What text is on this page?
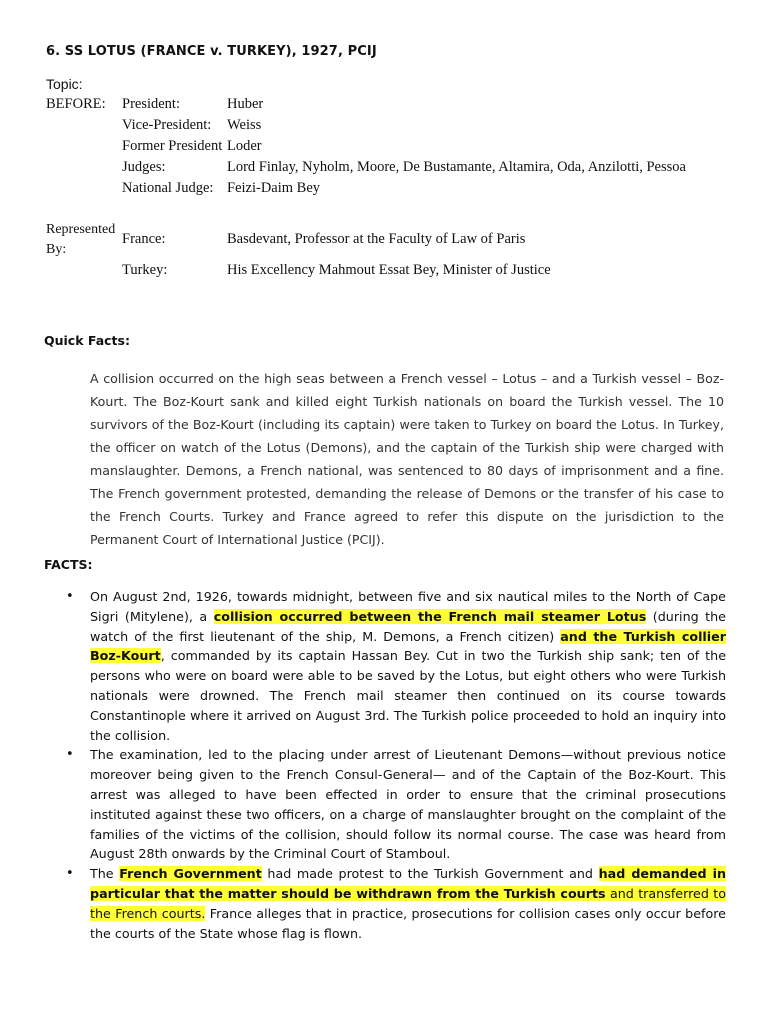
6. SS LOTUS (FRANCE v. TURKEY), 1927, PCIJ
Topic:
BEFORE: President:	Huber
Vice-President: Weiss
Former President Loder
Judges:	Lord Finlay, Nyholm, Moore, De Bustamante, Altamira, Oda, Anzilotti, Pessoa
National Judge: Feizi-Daim Bey
Represented
By:
France:	Basdevant, Professor at the Faculty of Law of Paris
Turkey:	His Excellency Mahmout Essat Bey, Minister of Justice
Quick Facts:
A collision occurred on the high seas between a French vessel – Lotus – and a Turkish vessel – Boz-Kourt. The Boz-Kourt sank and killed eight Turkish nationals on board the Turkish vessel. The 10 survivors of the Boz-Kourt (including its captain) were taken to Turkey on board the Lotus. In Turkey, the officer on watch of the Lotus (Demons), and the captain of the Turkish ship were charged with manslaughter. Demons, a French national, was sentenced to 80 days of imprisonment and a fine. The French government protested, demanding the release of Demons or the transfer of his case to the French Courts. Turkey and France agreed to refer this dispute on the jurisdiction to the Permanent Court of International Justice (PCIJ).
FACTS:
• On August 2nd, 1926, towards midnight, between five and six nautical miles to the North of Cape Sigri (Mitylene), a collision occurred between the French mail steamer Lotus (during the watch of the first lieutenant of the ship, M. Demons, a French citizen) and the Turkish collier Boz-Kourt, commanded by its captain Hassan Bey. Cut in two the Turkish ship sank; ten of the persons who were on board were able to be saved by the Lotus, but eight others who were Turkish nationals were drowned. The French mail steamer then continued on its course towards Constantinople where it arrived on August 3rd. The Turkish police proceeded to hold an inquiry into the collision.
• The examination, led to the placing under arrest of Lieutenant Demons—without previous notice moreover being given to the French Consul-General— and of the Captain of the Boz-Kourt. This arrest was alleged to have been effected in order to ensure that the criminal prosecutions instituted against these two officers, on a charge of manslaughter brought on the complaint of the families of the victims of the collision, should follow its normal course. The case was heard from August 28th onwards by the Criminal Court of Stamboul.
• The French Government had made protest to the Turkish Government and had demanded in particular that the matter should be withdrawn from the Turkish courts and transferred to the French courts. France alleges that in practice, prosecutions for collision cases only occur before the courts of the State whose flag is flown.
